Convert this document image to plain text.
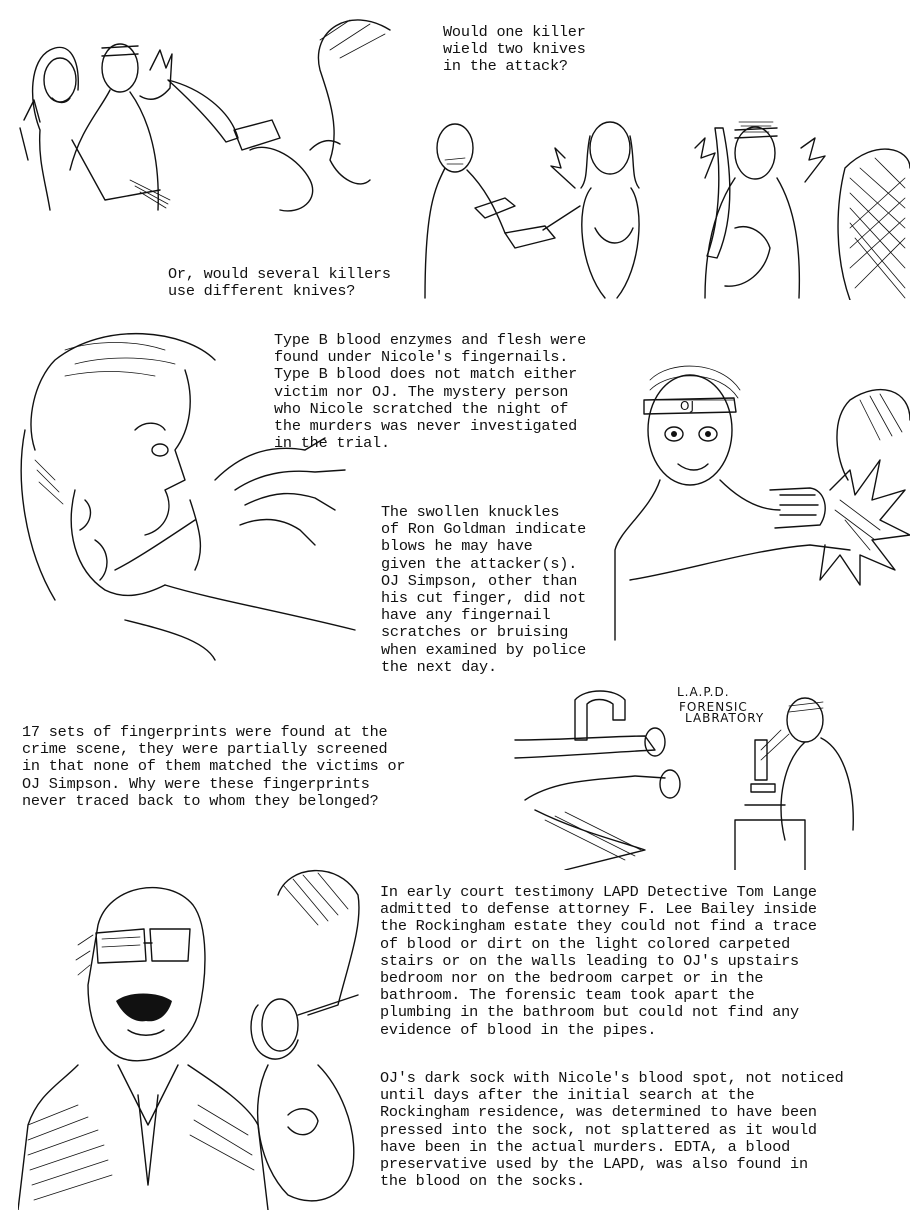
Would one killer
wield two knives
in the attack?
Or, would several killers
use different knives?
Type B blood enzymes and flesh were
found under Nicole's fingernails.
Type B blood does not match either
victim nor OJ. The mystery person
who Nicole scratched the night of
the murders was never investigated
in the trial.
The swollen knuckles
of Ron Goldman indicate
blows he may have
given the attacker(s).
OJ Simpson, other than
his cut finger, did not
have any fingernail
scratches or bruising
when examined by police
the next day.
17 sets of fingerprints were found at the
crime scene, they were partially screened
in that none of them matched the victims or
OJ Simpson. Why were these fingerprints
never traced back to whom they belonged?
In early court testimony LAPD Detective Tom Lange
admitted to defense attorney F. Lee Bailey inside
the Rockingham estate they could not find a trace
of blood or dirt on the light colored carpeted
stairs or on the walls leading to OJ's upstairs
bedroom nor on the bedroom carpet or in the
bathroom. The forensic team took apart the
plumbing in the bathroom but could not find any
evidence of blood in the pipes.
OJ's dark sock with Nicole's blood spot, not noticed
until days after the initial search at the
Rockingham residence, was determined to have been
pressed into the sock, not splattered as it would
have been in the actual murders. EDTA, a blood
preservative used by the LAPD, was also found in
the blood on the socks.
OJ
L.A.P.D.
FORENSIC
LABRATORY
